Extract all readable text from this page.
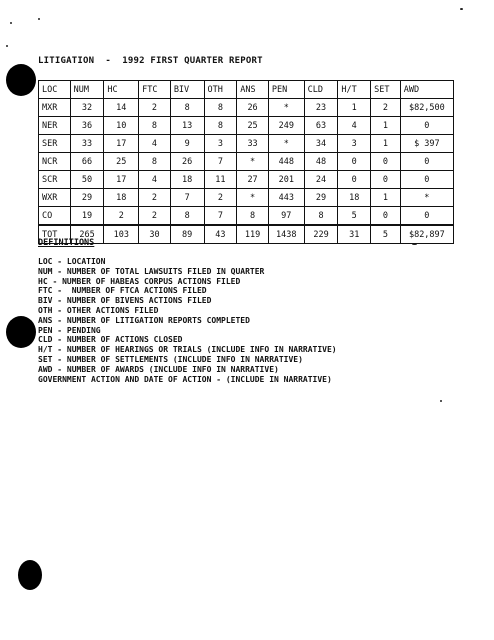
LITIGATION  -  1992 FIRST QUARTER REPORT
LOC	NUM	HC	FTC	BIV	OTH	ANS	PEN	CLD	H/T	SET	AWD
MXR	32	14	2	8	8	26	*	23	1	2	$82,500
NER	36	10	8	13	8	25	249	63	4	1	0
SER	33	17	4	9	3	33	*	34	3	1	$ 397
NCR	66	25	8	26	7	*	448	48	0	0	0
SCR	50	17	4	18	11	27	201	24	0	0	0
WXR	29	18	2	7	2	*	443	29	18	1	*
CO	19	2	2	8	7	8	97	8	5	0	0
TOT	265	103	30	89	43	119	1438	229	31	5	$82,897
DEFINITIONS
LOC - LOCATION
NUM - NUMBER OF TOTAL LAWSUITS FILED IN QUARTER
HC - NUMBER OF HABEAS CORPUS ACTIONS FILED
FTC -  NUMBER OF FTCA ACTIONS FILED
BIV - NUMBER OF BIVENS ACTIONS FILED
OTH - OTHER ACTIONS FILED
ANS - NUMBER OF LITIGATION REPORTS COMPLETED
PEN - PENDING
CLD - NUMBER OF ACTIONS CLOSED
H/T - NUMBER OF HEARINGS OR TRIALS (INCLUDE INFO IN NARRATIVE)
SET - NUMBER OF SETTLEMENTS (INCLUDE INFO IN NARRATIVE)
AWD - NUMBER OF AWARDS (INCLUDE INFO IN NARRATIVE)
GOVERNMENT ACTION AND DATE OF ACTION - (INCLUDE IN NARRATIVE)
